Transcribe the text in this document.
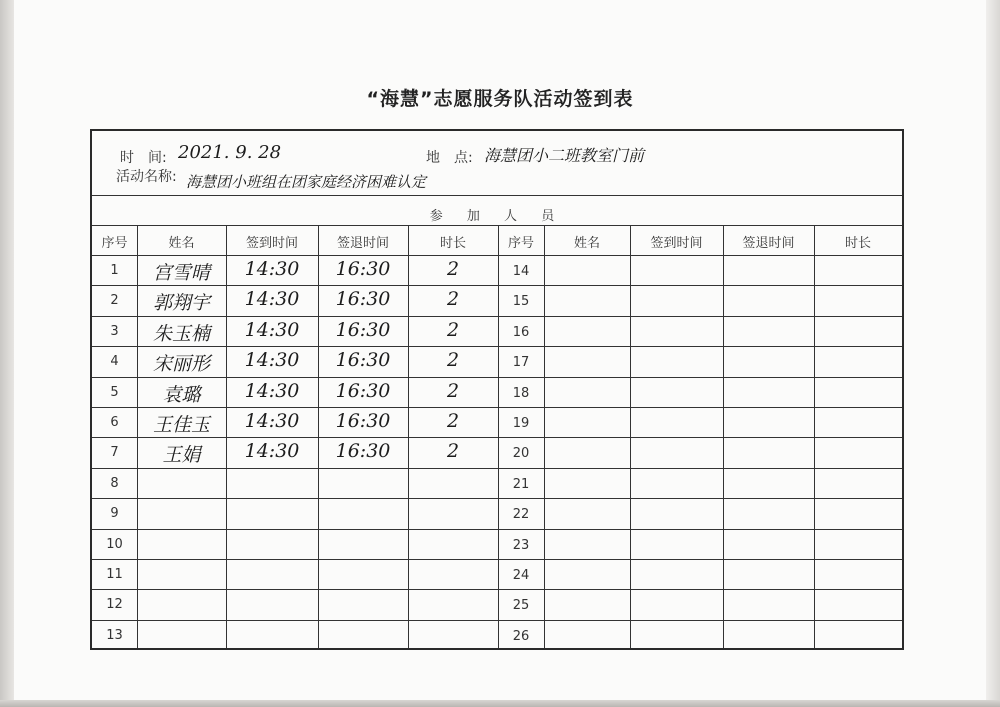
“海慧”志愿服务队活动签到表
时　间: 2021. 9. 28	地　点: 海慧团小二班教室门前
活动名称: 海慧团小班组在团家庭经济困难认定
参 加 人 员
序号	姓名	签到时间	签退时间	时长	序号	姓名	签到时间	签退时间	时长
1	宫雪晴	14:30	16:30	2	14
2	郭翔宇	14:30	16:30	2	15
3	朱玉楠	14:30	16:30	2	16
4	宋丽形	14:30	16:30	2	17
5	袁璐	14:30	16:30	2	18
6	王佳玉	14:30	16:30	2	19
7	王娟	14:30	16:30	2	20
8	21
9	22
10	23
11	24
12	25
13	26
